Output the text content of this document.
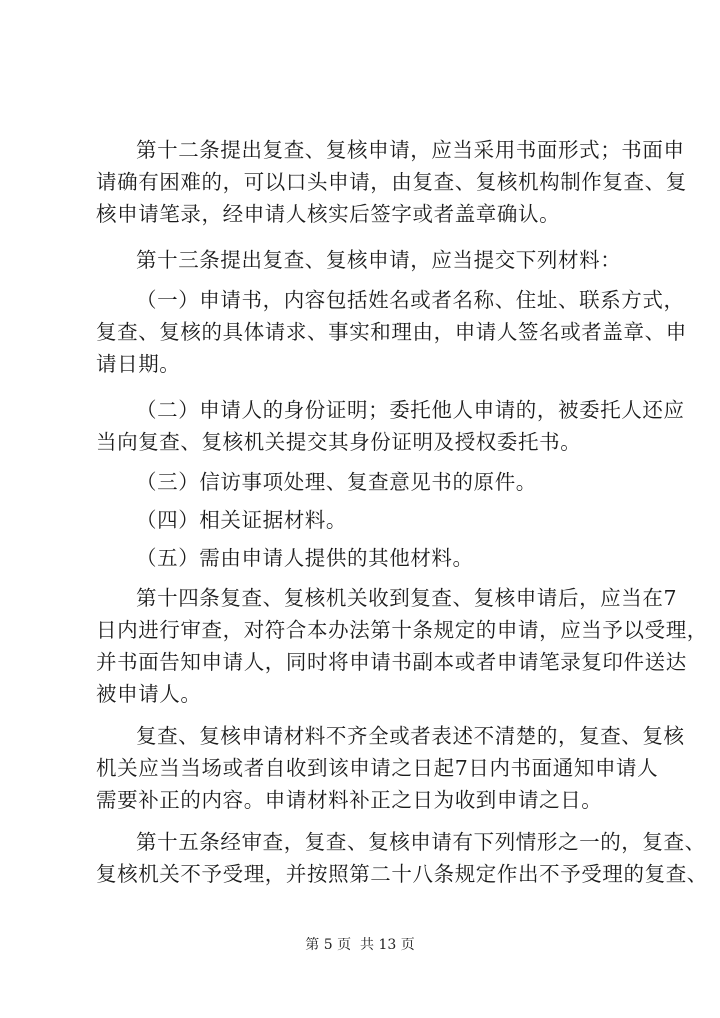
第十二条提出复查、复核申请，应当采用书面形式；书面申
请确有困难的，可以口头申请，由复查、复核机构制作复查、复
核申请笔录，经申请人核实后签字或者盖章确认。
第十三条提出复查、复核申请，应当提交下列材料：
（一）申请书，内容包括姓名或者名称、住址、联系方式，
复查、复核的具体请求、事实和理由，申请人签名或者盖章、申
请日期。
（二）申请人的身份证明；委托他人申请的，被委托人还应
当向复查、复核机关提交其身份证明及授权委托书。
（三）信访事项处理、复查意见书的原件。
（四）相关证据材料。
（五）需由申请人提供的其他材料。
第十四条复查、复核机关收到复查、复核申请后，应当在7
日内进行审查，对符合本办法第十条规定的申请，应当予以受理，
并书面告知申请人，同时将申请书副本或者申请笔录复印件送达
被申请人。
复查、复核申请材料不齐全或者表述不清楚的，复查、复核
机关应当当场或者自收到该申请之日起7日内书面通知申请人
需要补正的内容。申请材料补正之日为收到申请之日。
第十五条经审查，复查、复核申请有下列情形之一的，复查、
复核机关不予受理，并按照第二十八条规定作出不予受理的复查、
第 5 页  共 13 页
